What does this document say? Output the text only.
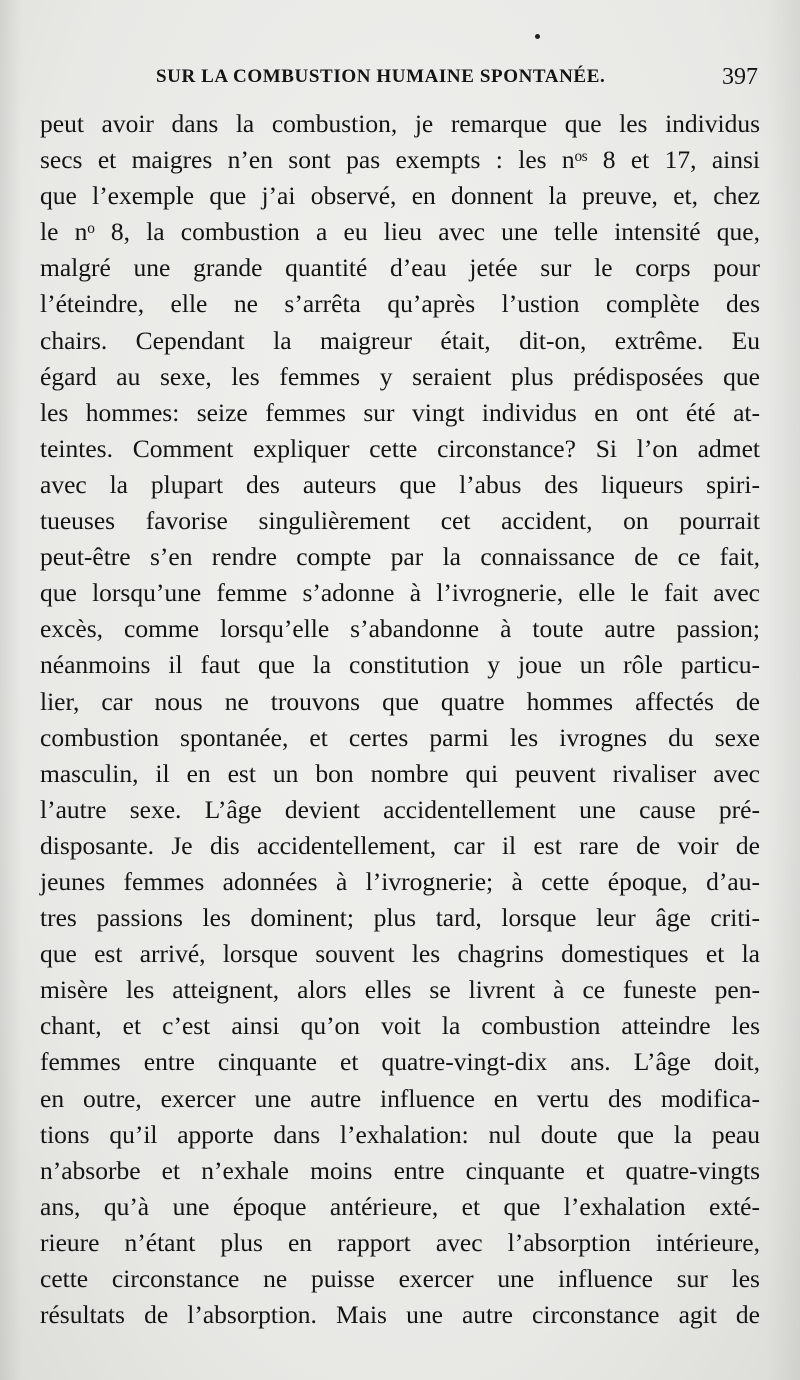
SUR LA COMBUSTION HUMAINE SPONTANÉE.	397
peut avoir dans la combustion, je remarque que les individus
secs et maigres n’en sont pas exempts : les nᵒˢ 8 et 17, ainsi
que l’exemple que j’ai observé, en donnent la preuve, et, chez
le nᵒ 8, la combustion a eu lieu avec une telle intensité que,
malgré une grande quantité d’eau jetée sur le corps pour
l’éteindre, elle ne s’arrêta qu’après l’ustion complète des
chairs. Cependant la maigreur était, dit-on, extrême. Eu
égard au sexe, les femmes y seraient plus prédisposées que
les hommes: seize femmes sur vingt individus en ont été at-
teintes. Comment expliquer cette circonstance? Si l’on admet
avec la plupart des auteurs que l’abus des liqueurs spiri-
tueuses favorise singulièrement cet accident, on pourrait
peut-être s’en rendre compte par la connaissance de ce fait,
que lorsqu’une femme s’adonne à l’ivrognerie, elle le fait avec
excès, comme lorsqu’elle s’abandonne à toute autre passion;
néanmoins il faut que la constitution y joue un rôle particu-
lier, car nous ne trouvons que quatre hommes affectés de
combustion spontanée, et certes parmi les ivrognes du sexe
masculin, il en est un bon nombre qui peuvent rivaliser avec
l’autre sexe. L’âge devient accidentellement une cause pré-
disposante. Je dis accidentellement, car il est rare de voir de
jeunes femmes adonnées à l’ivrognerie; à cette époque, d’au-
tres passions les dominent; plus tard, lorsque leur âge criti-
que est arrivé, lorsque souvent les chagrins domestiques et la
misère les atteignent, alors elles se livrent à ce funeste pen-
chant, et c’est ainsi qu’on voit la combustion atteindre les
femmes entre cinquante et quatre-vingt-dix ans. L’âge doit,
en outre, exercer une autre influence en vertu des modifica-
tions qu’il apporte dans l’exhalation: nul doute que la peau
n’absorbe et n’exhale moins entre cinquante et quatre-vingts
ans, qu’à une époque antérieure, et que l’exhalation exté-
rieure n’étant plus en rapport avec l’absorption intérieure,
cette circonstance ne puisse exercer une influence sur les
résultats de l’absorption. Mais une autre circonstance agit de
